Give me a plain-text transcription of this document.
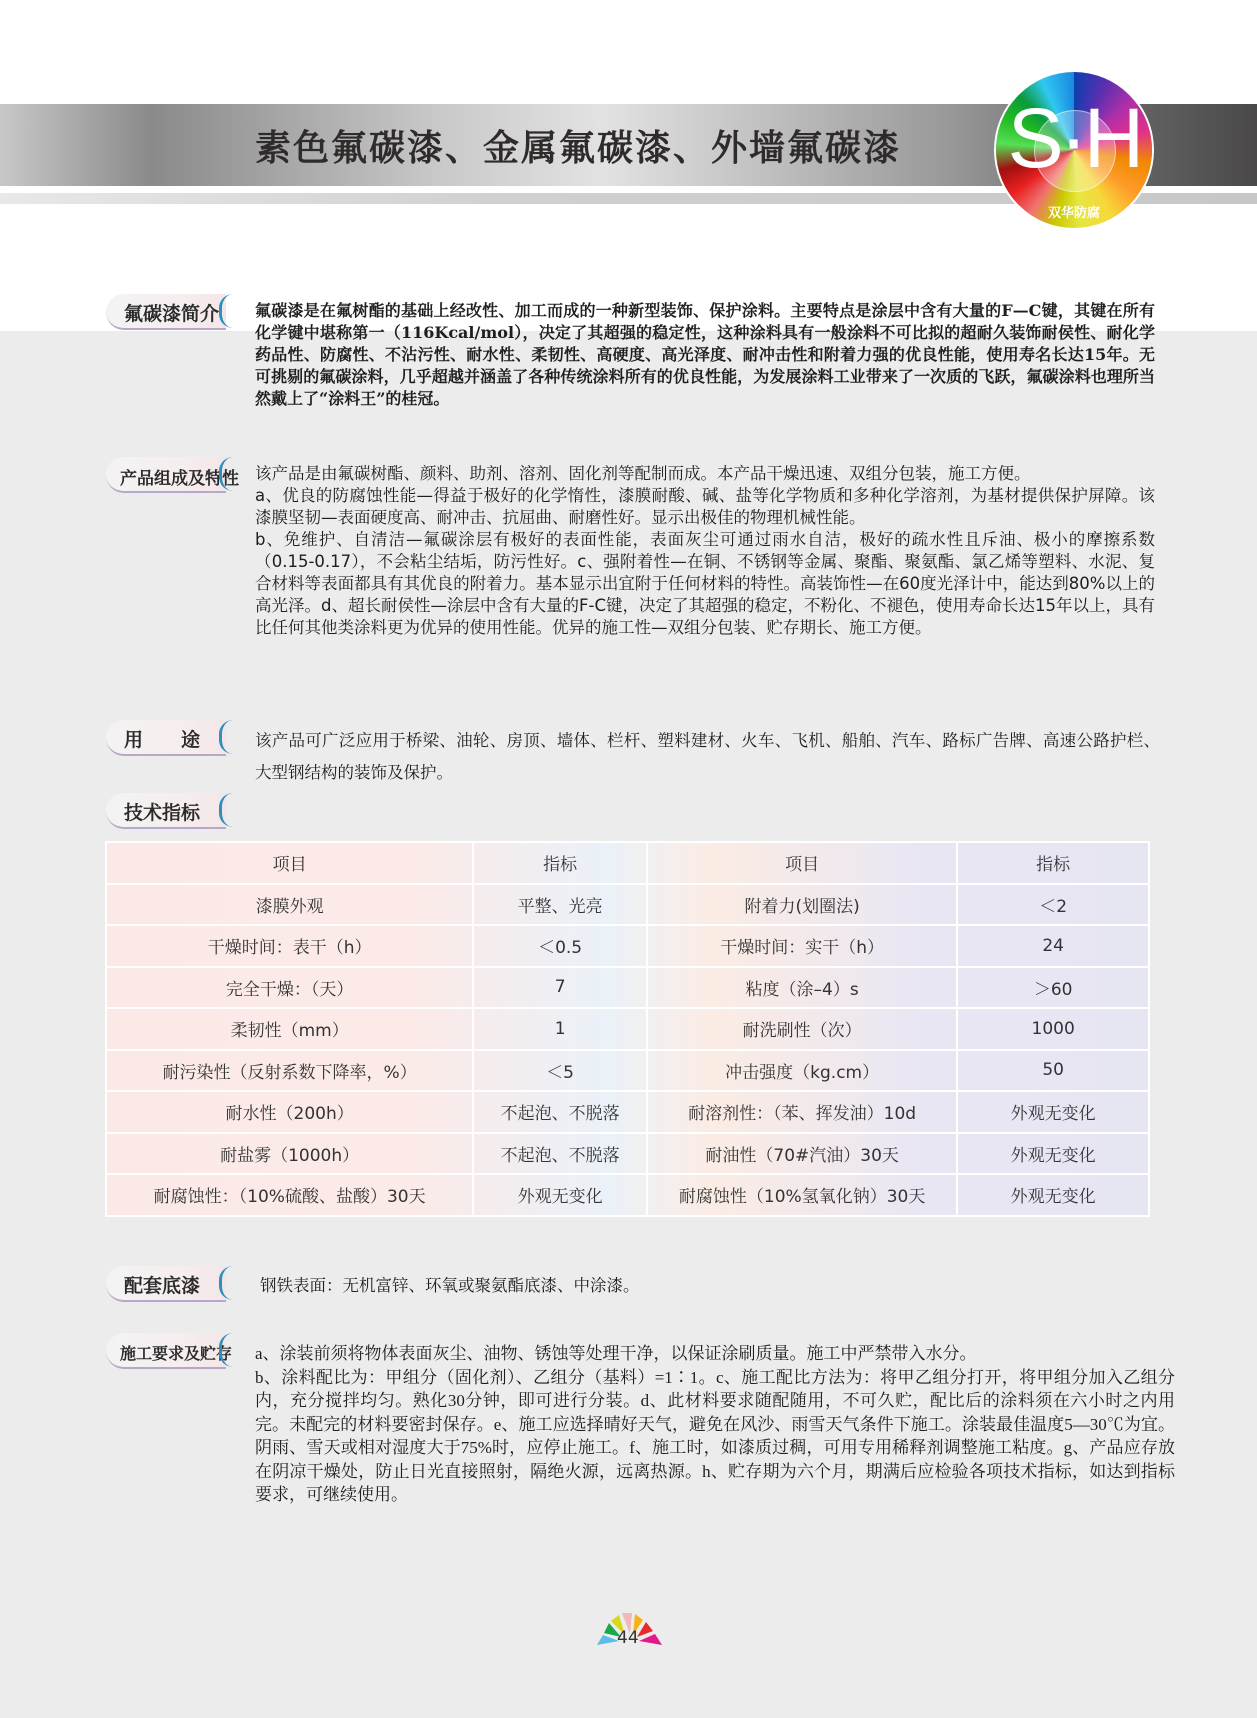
素色氟碳漆、金属氟碳漆、外墙氟碳漆 S·H
双华防腐
氟碳漆简介 氟碳漆是在氟树酯的基础上经改性、加工而成的一种新型装饰、保护涂料。主要特点是涂层中含有大量的F—C键，其键在所有化学键中堪称第一（116Kcal/mol），决定了其超强的稳定性，这种涂料具有一般涂料不可比拟的超耐久装饰耐侯性、耐化学药品性、防腐性、不沾污性、耐水性、柔韧性、高硬度、高光泽度、耐冲击性和附着力强的优良性能，使用寿名长达15年。无可挑剔的氟碳涂料，几乎超越并涵盖了各种传统涂料所有的优良性能，为发展涂料工业带来了一次质的飞跃，氟碳涂料也理所当然戴上了“涂料王”的桂冠。

产品组成及特性 该产品是由氟碳树酯、颜料、助剂、溶剂、固化剂等配制而成。本产品干燥迅速、双组分包装，施工方便。

a、优良的防腐蚀性能—得益于极好的化学惰性，漆膜耐酸、碱、盐等化学物质和多种化学溶剂，为基材提供保护屏障。该漆膜坚韧—表面硬度高、耐冲击、抗屈曲、耐磨性好。显示出极佳的物理机械性能。

b、免维护、自清洁—氟碳涂层有极好的表面性能，表面灰尘可通过雨水自洁，极好的疏水性且斥油、极小的摩擦系数（0.15-0.17），不会粘尘结垢，防污性好。c、强附着性—在铜、不锈钢等金属、聚酯、聚氨酯、氯乙烯等塑料、水泥、复合材料等表面都具有其优良的附着力。基本显示出宜附于任何材料的特性。高装饰性—在60度光泽计中，能达到80%以上的高光泽。d、超长耐侯性—涂层中含有大量的F-C键，决定了其超强的稳定，不粉化、不褪色，使用寿命长达15年以上，具有比任何其他类涂料更为优异的使用性能。优异的施工性—双组分包装、贮存期长、施工方便。

用　　途	该产品可广泛应用于桥梁、油轮、房顶、墙体、栏杆、塑料建材、火车、飞机、船舶、汽车、路标广告牌、高速公路护栏、大型钢结构的装饰及保护。

技术指标
项目	指标	项目	指标
漆膜外观	平整、光亮	附着力(划圈法)	＜2
干燥时间：表干（h）	＜0.5	干燥时间：实干（h）	24
完全干燥：（天）	7	粘度（涂–4）s	＞60
柔韧性（mm）	1	耐洗刷性（次）	1000
耐污染性（反射系数下降率，%）	＜5	冲击强度（kg.cm）	50
耐水性（200h）	不起泡、不脱落	耐溶剂性：（苯、挥发油）10d	外观无变化
耐盐雾（1000h）	不起泡、不脱落	耐油性（70#汽油）30天	外观无变化
耐腐蚀性：（10%硫酸、盐酸）30天	外观无变化	耐腐蚀性（10%氢氧化钠）30天	外观无变化
配套底漆	钢铁表面：无机富锌、环氧或聚氨酯底漆、中涂漆。

施工要求及贮存 a、涂装前须将物体表面灰尘、油物、锈蚀等处理干净，以保证涂刷质量。施工中严禁带入水分。

b、涂料配比为：甲组分（固化剂）、乙组分（基料）=1∶1。c、施工配比方法为：将甲乙组分打开，将甲组分加入乙组分内，充分搅拌均匀。熟化30分钟，即可进行分装。d、此材料要求随配随用，不可久贮，配比后的涂料须在六小时之内用完。未配完的材料要密封保存。e、施工应选择晴好天气，避免在风沙、雨雪天气条件下施工。涂装最佳温度5—30℃为宜。阴雨、雪天或相对湿度大于75%时，应停止施工。f、施工时，如漆质过稠，可用专用稀释剂调整施工粘度。g、产品应存放在阴凉干燥处，防止日光直接照射，隔绝火源，远离热源。h、贮存期为六个月，期满后应检验各项技术指标，如达到指标要求，可继续使用。

44
